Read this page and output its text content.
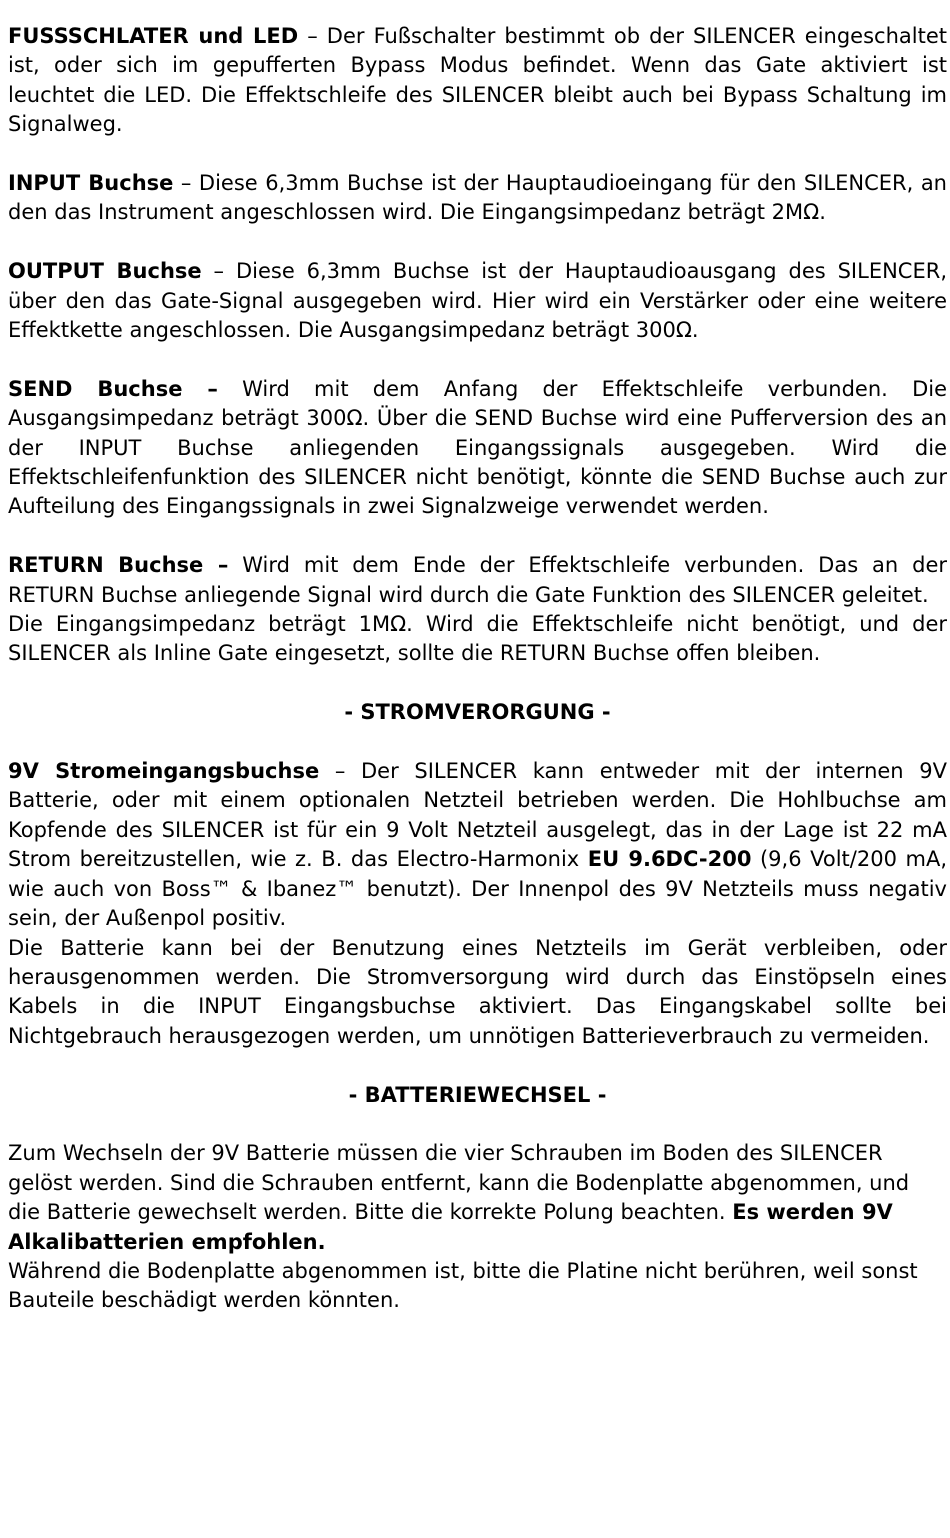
FUSSSCHLATER und LED – Der Fußschalter bestimmt ob der SILENCER eingeschaltet ist, oder sich im gepufferten Bypass Modus befindet. Wenn das Gate aktiviert ist leuchtet die LED. Die Effektschleife des SILENCER bleibt auch bei Bypass Schaltung im Signalweg.

INPUT Buchse – Diese 6,3mm Buchse ist der Hauptaudioeingang für den SILENCER, an den das Instrument angeschlossen wird. Die Eingangsimpedanz beträgt 2MΩ.

OUTPUT Buchse – Diese 6,3mm Buchse ist der Hauptaudioausgang des SILENCER, über den das Gate-Signal ausgegeben wird. Hier wird ein Verstärker oder eine weitere Effektkette angeschlossen. Die Ausgangsimpedanz beträgt 300Ω.

SEND Buchse – Wird mit dem Anfang der Effektschleife verbunden. Die Ausgangsimpedanz beträgt 300Ω. Über die SEND Buchse wird eine Pufferversion des an der INPUT Buchse anliegenden Eingangssignals ausgegeben. Wird die Effektschleifenfunktion des SILENCER nicht benötigt, könnte die SEND Buchse auch zur Aufteilung des Eingangssignals in zwei Signalzweige verwendet werden.

RETURN Buchse – Wird mit dem Ende der Effektschleife verbunden. Das an der RETURN Buchse anliegende Signal wird durch die Gate Funktion des SILENCER geleitet.

Die Eingangsimpedanz beträgt 1MΩ. Wird die Effektschleife nicht benötigt, und der SILENCER als Inline Gate eingesetzt, sollte die RETURN Buchse offen bleiben.

- STROMVERORGUNG -

9V Stromeingangsbuchse – Der SILENCER kann entweder mit der internen 9V Batterie, oder mit einem optionalen Netzteil betrieben werden. Die Hohlbuchse am Kopfende des SILENCER ist für ein 9 Volt Netzteil ausgelegt, das in der Lage ist 22 mA Strom bereitzustellen, wie z. B. das Electro-Harmonix EU 9.6DC-200 (9,6 Volt/200 mA, wie auch von Boss™ & Ibanez™ benutzt). Der Innenpol des 9V Netzteils muss negativ sein, der Außenpol positiv.

Die Batterie kann bei der Benutzung eines Netzteils im Gerät verbleiben, oder herausgenommen werden. Die Stromversorgung wird durch das Einstöpseln eines Kabels in die INPUT Eingangsbuchse aktiviert. Das Eingangskabel sollte bei Nichtgebrauch herausgezogen werden, um unnötigen Batterieverbrauch zu vermeiden.

- BATTERIEWECHSEL -

Zum Wechseln der 9V Batterie müssen die vier Schrauben im Boden des SILENCER gelöst werden. Sind die Schrauben entfernt, kann die Bodenplatte abgenommen, und die Batterie gewechselt werden. Bitte die korrekte Polung beachten. Es werden 9V Alkalibatterien empfohlen.

Während die Bodenplatte abgenommen ist, bitte die Platine nicht berühren, weil sonst Bauteile beschädigt werden könnten.
